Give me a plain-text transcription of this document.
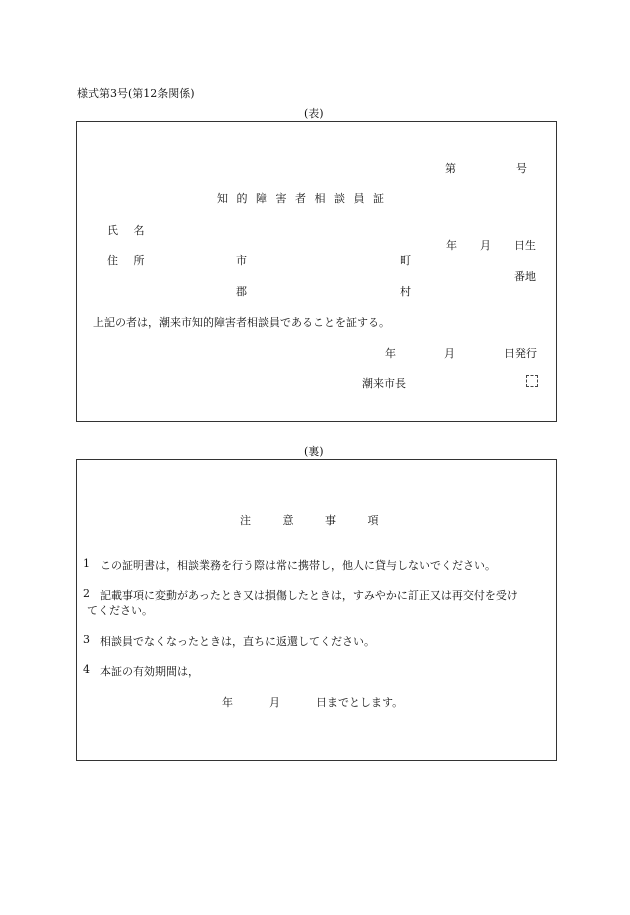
様式第3号(第12条関係)
(表)
第	号
知 的 障 害 者 相 談 員 証
氏 名
年 月 日生
住 所	市	町
番地
郡	村
上記の者は，潮来市知的障害者相談員であることを証する。
年	月	日発行
潮来市長
(裏)
注 意 事 項
1 この証明書は，相談業務を行う際は常に携帯し，他人に貸与しないでください。
2 記載事項に変動があったとき又は損傷したときは，すみやかに訂正又は再交付を受け
てください。
3 相談員でなくなったときは，直ちに返還してください。
4 本証の有効期間は，
年	月	日までとします。
